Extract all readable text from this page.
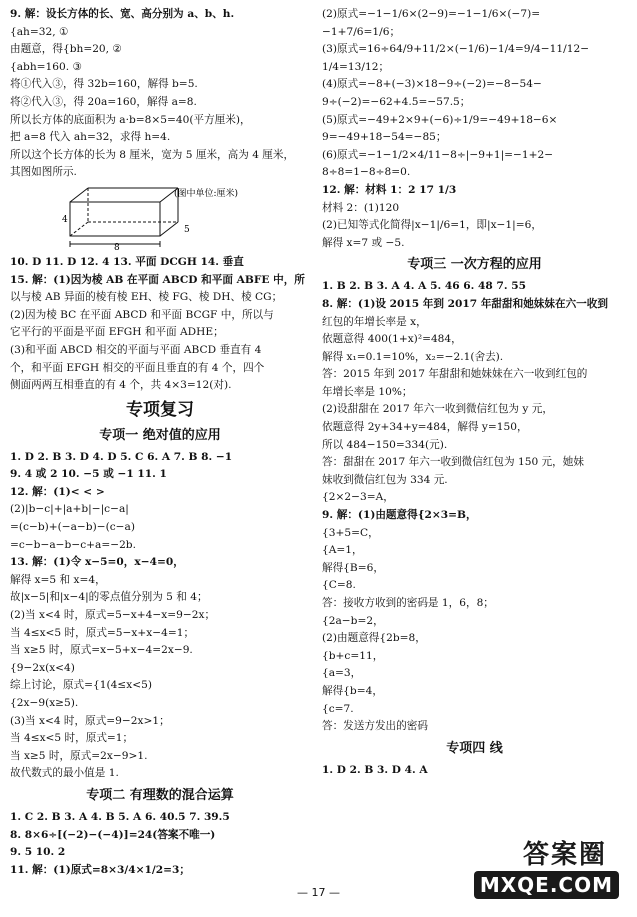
9. 解：设长方体的长、宽、高分别为 a、b、h.
{ah=32, ①
由题意，得{bh=20, ②
{abh=160. ③
将①代入③，得 32b=160，解得 b=5.
将②代入③，得 20a=160，解得 a=8.
所以长方体的底面积为 a·b=8×5=40(平方厘米)，
把 a=8 代入 ah=32，求得 h=4.
所以这个长方体的长为 8 厘米，宽为 5 厘米，高为 4 厘米，
其图如图所示.
8
5
4
(图中单位:厘米)
10. D 11. D 12. 4 13. 平面 DCGH 14. 垂直
15. 解：(1)因为棱 AB 在平面 ABCD 和平面 ABFE 中，所
以与棱 AB 异面的棱有棱 EH、棱 FG、棱 DH、棱 CG；
(2)因为棱 BC 在平面 ABCD 和平面 BCGF 中，所以与
它平行的平面是平面 EFGH 和平面 ADHE；
(3)和平面 ABCD 相交的平面与平面 ABCD 垂直有 4
个，和平面 EFGH 相交的平面且垂直的有 4 个，四个
侧面两两互相垂直的有 4 个，共 4×3=12(对).
专项复习
专项一 绝对值的应用
1. D 2. B 3. D 4. D 5. C 6. A 7. B 8. −1
9. 4 或 2 10. −5 或 −1 11. 1
12. 解：(1)< < >
(2)|b−c|+|a+b|−|c−a|
=(c−b)+(−a−b)−(c−a)
=c−b−a−b−c+a=−2b.
13. 解：(1)令 x−5=0，x−4=0，
解得 x=5 和 x=4，
故|x−5|和|x−4|的零点值分别为 5 和 4；
(2)当 x<4 时，原式=5−x+4−x=9−2x；
当 4≤x<5 时，原式=5−x+x−4=1；
当 x≥5 时，原式=x−5+x−4=2x−9.
{9−2x(x<4)
综上讨论，原式={1(4≤x<5)
{2x−9(x≥5).
(3)当 x<4 时，原式=9−2x>1；
当 4≤x<5 时，原式=1；
当 x≥5 时，原式=2x−9>1.
故代数式的最小值是 1.
专项二 有理数的混合运算
1. C 2. B 3. A 4. B 5. A 6. 40.5 7. 39.5
8. 8×6÷[(−2)−(−4)]=24(答案不唯一)
9. 5 10. 2
11. 解：(1)原式=8×3/4×1/2=3；
(2)原式=−1−1/6×(2−9)=−1−1/6×(−7)=
−1+7/6=1/6；
(3)原式=16÷64/9+11/2×(−1/6)−1/4=9/4−11/12−
1/4=13/12；
(4)原式=−8+(−3)×18−9÷(−2)=−8−54−
9÷(−2)=−62+4.5=−57.5；
(5)原式=−49+2×9+(−6)÷1/9=−49+18−6×
9=−49+18−54=−85；
(6)原式=−1−1/2×4/11−8÷|−9+1|=−1+2−
8÷8=1−8÷8=0.
12. 解：材料 1：2 17 1/3
材料 2：(1)120
(2)已知等式化简得|x−1|/6=1，即|x−1|=6，
解得 x=7 或 −5.
专项三 一次方程的应用
1. B 2. B 3. A 4. A 5. 46 6. 48 7. 55
8. 解：(1)设 2015 年到 2017 年甜甜和她妹妹在六一收到
红包的年增长率是 x，
依题意得 400(1+x)²=484，
解得 x₁=0.1=10%，x₂=−2.1(舍去).
答：2015 年到 2017 年甜甜和她妹妹在六一收到红包的
年增长率是 10%；
(2)设甜甜在 2017 年六一收到微信红包为 y 元，
依题意得 2y+34+y=484，解得 y=150，
所以 484−150=334(元).
答：甜甜在 2017 年六一收到微信红包为 150 元，她妹
妹收到微信红包为 334 元.
{2×2−3=A，
9. 解：(1)由题意得{2×3=B，
{3+5=C，
{A=1，
解得{B=6，
{C=8.
答：接收方收到的密码是 1，6，8；
{2a−b=2，
(2)由题意得{2b=8，
{b+c=11，
{a=3，
解得{b=4，
{c=7.
答：发送方发出的密码
专项四 线
1. D 2. B 3. D 4. A
— 17 —
答案圈
MXQE.COM
